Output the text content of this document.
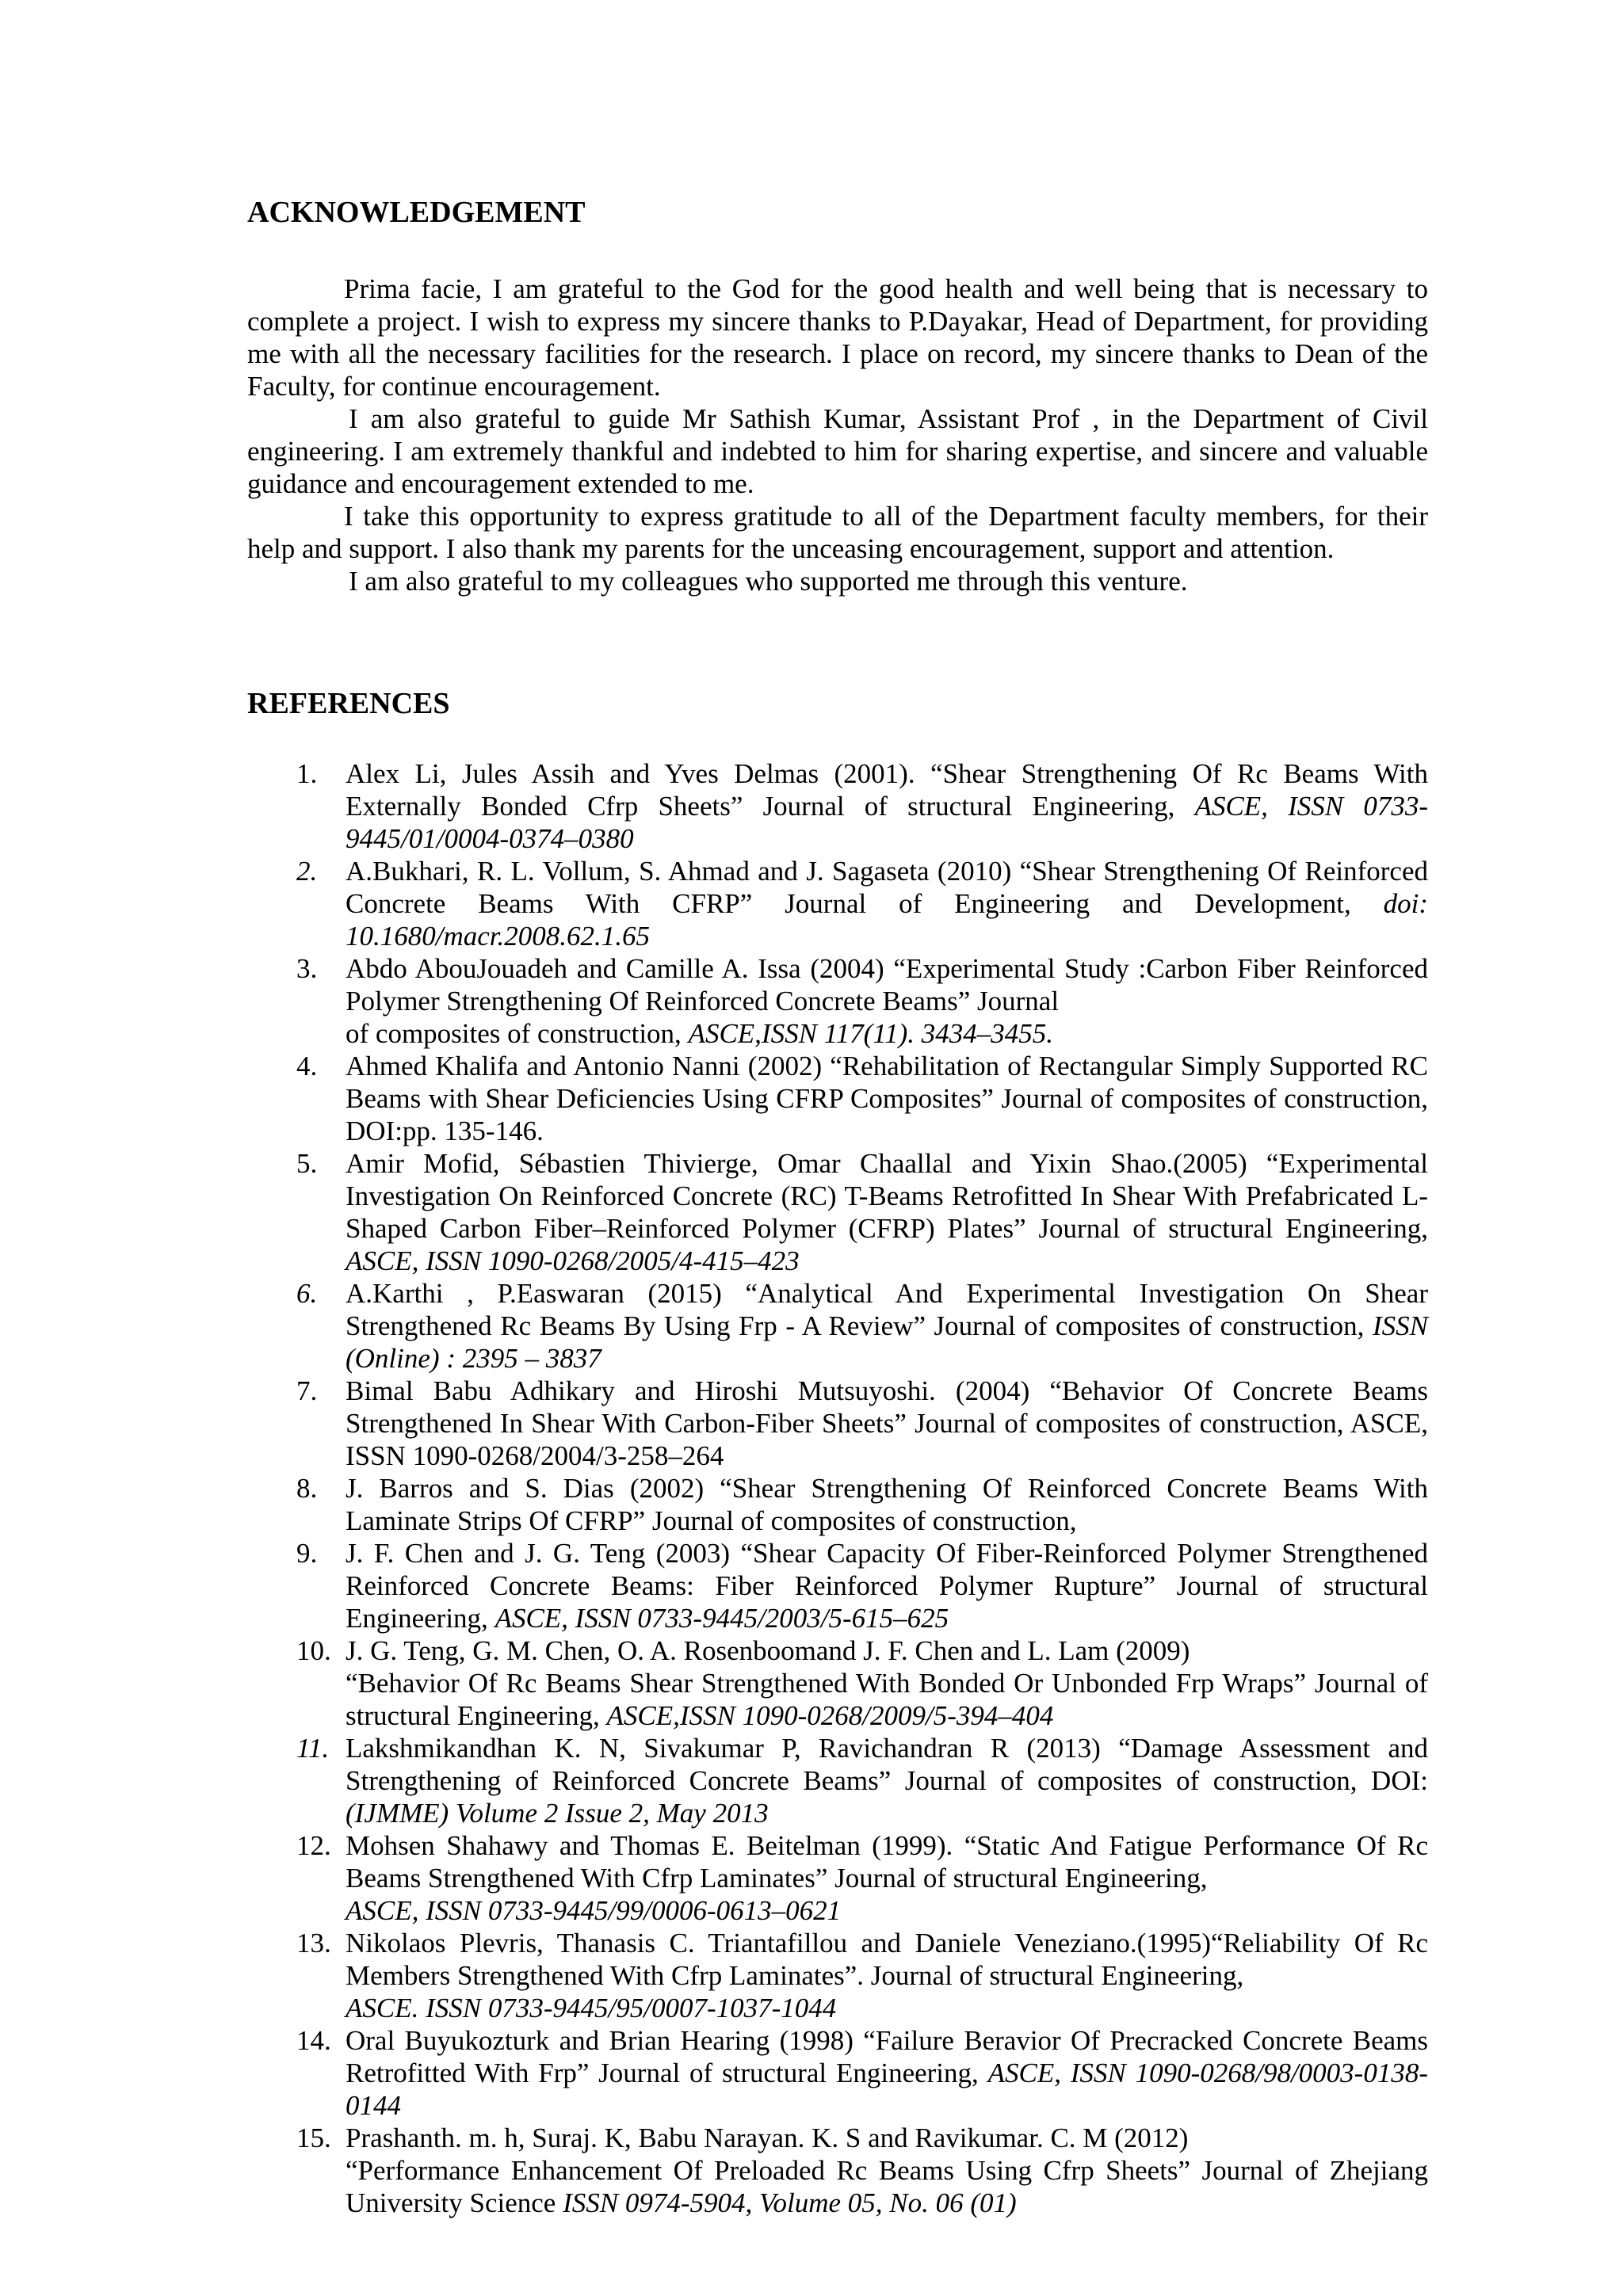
ACKNOWLEDGEMENT

Prima facie, I am grateful to the God for the good health and well being that is necessary to complete a project. I wish to express my sincere thanks to P.Dayakar, Head of Department, for providing me with all the necessary facilities for the research. I place on record, my sincere thanks to Dean of the Faculty, for continue encouragement.

I am also grateful to guide Mr Sathish Kumar, Assistant Prof , in the Department of Civil engineering. I am extremely thankful and indebted to him for sharing expertise, and sincere and valuable guidance and encouragement extended to me.

I take this opportunity to express gratitude to all of the Department faculty members, for their help and support. I also thank my parents for the unceasing encouragement, support and attention.

I am also grateful to my colleagues who supported me through this venture.

REFERENCES
1. Alex Li, Jules Assih and Yves Delmas (2001). “Shear Strengthening Of Rc Beams With Externally Bonded Cfrp Sheets” Journal of structural Engineering, ASCE, ISSN 0733-9445/01/0004-0374–0380
2. A.Bukhari, R. L. Vollum, S. Ahmad and J. Sagaseta (2010) “Shear Strengthening Of Reinforced Concrete Beams With CFRP” Journal of Engineering and Development, doi: 10.1680/macr.2008.62.1.65
3. Abdo AbouJouadeh and Camille A. Issa (2004) “Experimental Study :Carbon Fiber Reinforced Polymer Strengthening Of Reinforced Concrete Beams” Journal
of composites of construction, ASCE,ISSN 117(11). 3434–3455.
4. Ahmed Khalifa and Antonio Nanni (2002) “Rehabilitation of Rectangular Simply Supported RC Beams with Shear Deficiencies Using CFRP Composites” Journal of composites of construction, DOI:pp. 135-146.
5. Amir Mofid, Sébastien Thivierge, Omar Chaallal and Yixin Shao.(2005) “Experimental Investigation On Reinforced Concrete (RC) T-Beams Retrofitted In Shear With Prefabricated L-Shaped Carbon Fiber–Reinforced Polymer (CFRP) Plates” Journal of structural Engineering, ASCE, ISSN 1090-0268/2005/4-415–423
6. A.Karthi , P.Easwaran (2015) “Analytical And Experimental Investigation On Shear Strengthened Rc Beams By Using Frp - A Review” Journal of composites of construction, ISSN (Online) : 2395 – 3837
7. Bimal Babu Adhikary and Hiroshi Mutsuyoshi. (2004) “Behavior Of Concrete Beams Strengthened In Shear With Carbon-Fiber Sheets” Journal of composites of construction, ASCE, ISSN 1090-0268/2004/3-258–264
8. J. Barros and S. Dias (2002) “Shear Strengthening Of Reinforced Concrete Beams With Laminate Strips Of CFRP” Journal of composites of construction,
9. J. F. Chen and J. G. Teng (2003) “Shear Capacity Of Fiber-Reinforced Polymer Strengthened Reinforced Concrete Beams: Fiber Reinforced Polymer Rupture” Journal of structural Engineering, ASCE, ISSN 0733-9445/2003/5-615–625
10. J. G. Teng, G. M. Chen, O. A. Rosenboomand J. F. Chen and L. Lam (2009)
“Behavior Of Rc Beams Shear Strengthened With Bonded Or Unbonded Frp Wraps” Journal of structural Engineering, ASCE,ISSN 1090-0268/2009/5-394–404
11. Lakshmikandhan K. N, Sivakumar P, Ravichandran R (2013) “Damage Assessment and Strengthening of Reinforced Concrete Beams” Journal of composites of construction, DOI: (IJMME) Volume 2 Issue 2, May 2013
12. Mohsen Shahawy and Thomas E. Beitelman (1999). “Static And Fatigue Performance Of Rc Beams Strengthened With Cfrp Laminates” Journal of structural Engineering,
ASCE, ISSN 0733-9445/99/0006-0613–0621
13. Nikolaos Plevris, Thanasis C. Triantafillou and Daniele Veneziano.(1995)“Reliability Of Rc Members Strengthened With Cfrp Laminates”. Journal of structural Engineering,
ASCE. ISSN 0733-9445/95/0007-1037-1044
14. Oral Buyukozturk and Brian Hearing (1998) “Failure Beravior Of Precracked Concrete Beams Retrofitted With Frp” Journal of structural Engineering, ASCE, ISSN 1090-0268/98/0003-0138-0144
15. Prashanth. m. h, Suraj. K, Babu Narayan. K. S and Ravikumar. C. M (2012)
“Performance Enhancement Of Preloaded Rc Beams Using Cfrp Sheets” Journal of Zhejiang University Science ISSN 0974-5904, Volume 05, No. 06 (01)
